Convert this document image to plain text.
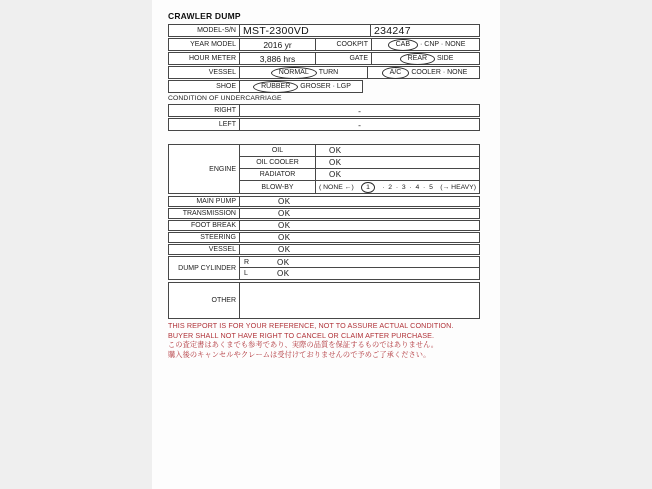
CRAWLER DUMP
MODEL-S/N MST-2300VD	234247
YEAR MODEL	2016 yr	COOKPIT	CAB	· CNP · NONE
HOUR METER	3,886 hrs	GATE	REAR	SIDE
VESSEL	NORMAL	TURN	A/C	COOLER · NONE
SHOE	RUBBER	GROSER · LGP
CONDITION OF UNDERCARRIAGE
RIGHT	-
LEFT	-
ENGINE
OIL	OK
OIL COOLER	OK
RADIATOR	OK
BLOW-BY	( NONE ←)	1	·  2  ·  3  ·  4  ·  5 (→ HEAVY)
MAIN PUMP	OK
TRANSMISSION	OK
FOOT BREAK	OK
STEERING	OK
VESSEL	OK
DUMP CYLINDER
R	OK
L	OK
OTHER
THIS REPORT IS FOR YOUR REFERENCE, NOT TO ASSURE ACTUAL CONDITION.
BUYER SHALL NOT HAVE RIGHT TO CANCEL OR CLAIM AFTER PURCHASE.
この査定書はあくまでも参考であり、実際の品質を保証するものではありません。
購入後のキャンセルやクレームは受付けておりませんので予めご了承ください。
